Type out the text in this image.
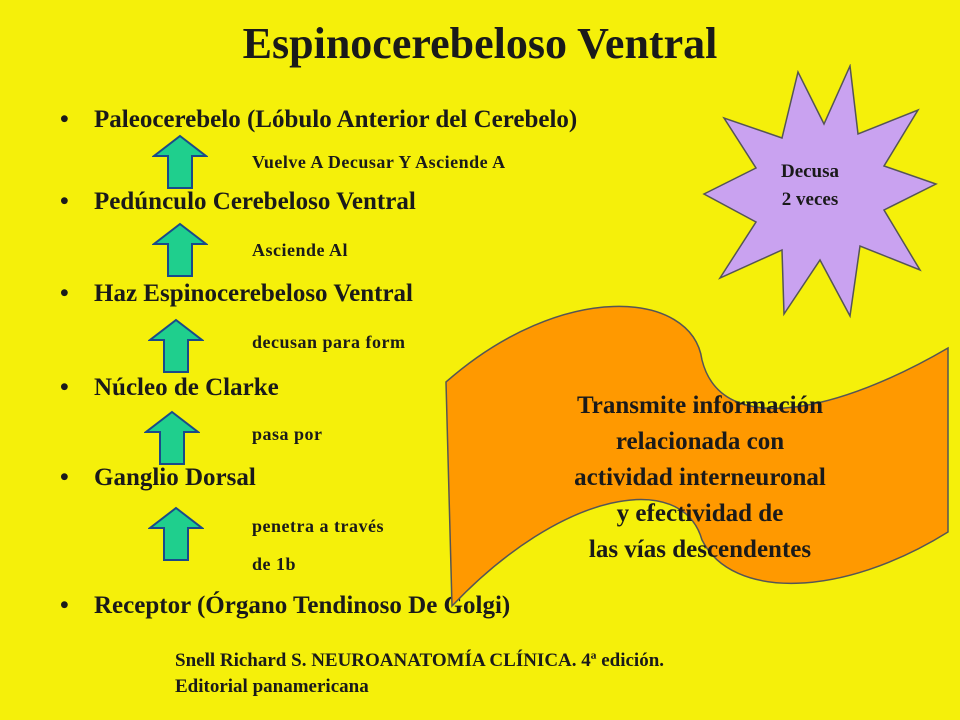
Espinocerebeloso Ventral
• Paleocerebelo (Lóbulo Anterior del Cerebelo)
• Pedúnculo Cerebeloso Ventral
• Haz Espinocerebeloso Ventral
• Núcleo de Clarke
• Ganglio Dorsal
• Receptor (Órgano Tendinoso De Golgi)
Vuelve A Decusar Y Asciende A
Asciende Al
decusan para form
pasa por
penetra a través
de 1b
Decusa
2 veces
Transmite información
relacionada con
actividad interneuronal
y efectividad de
las vías descendentes
Snell Richard S. NEUROANATOMÍA CLÍNICA. 4ª edición.
Editorial panamericana
